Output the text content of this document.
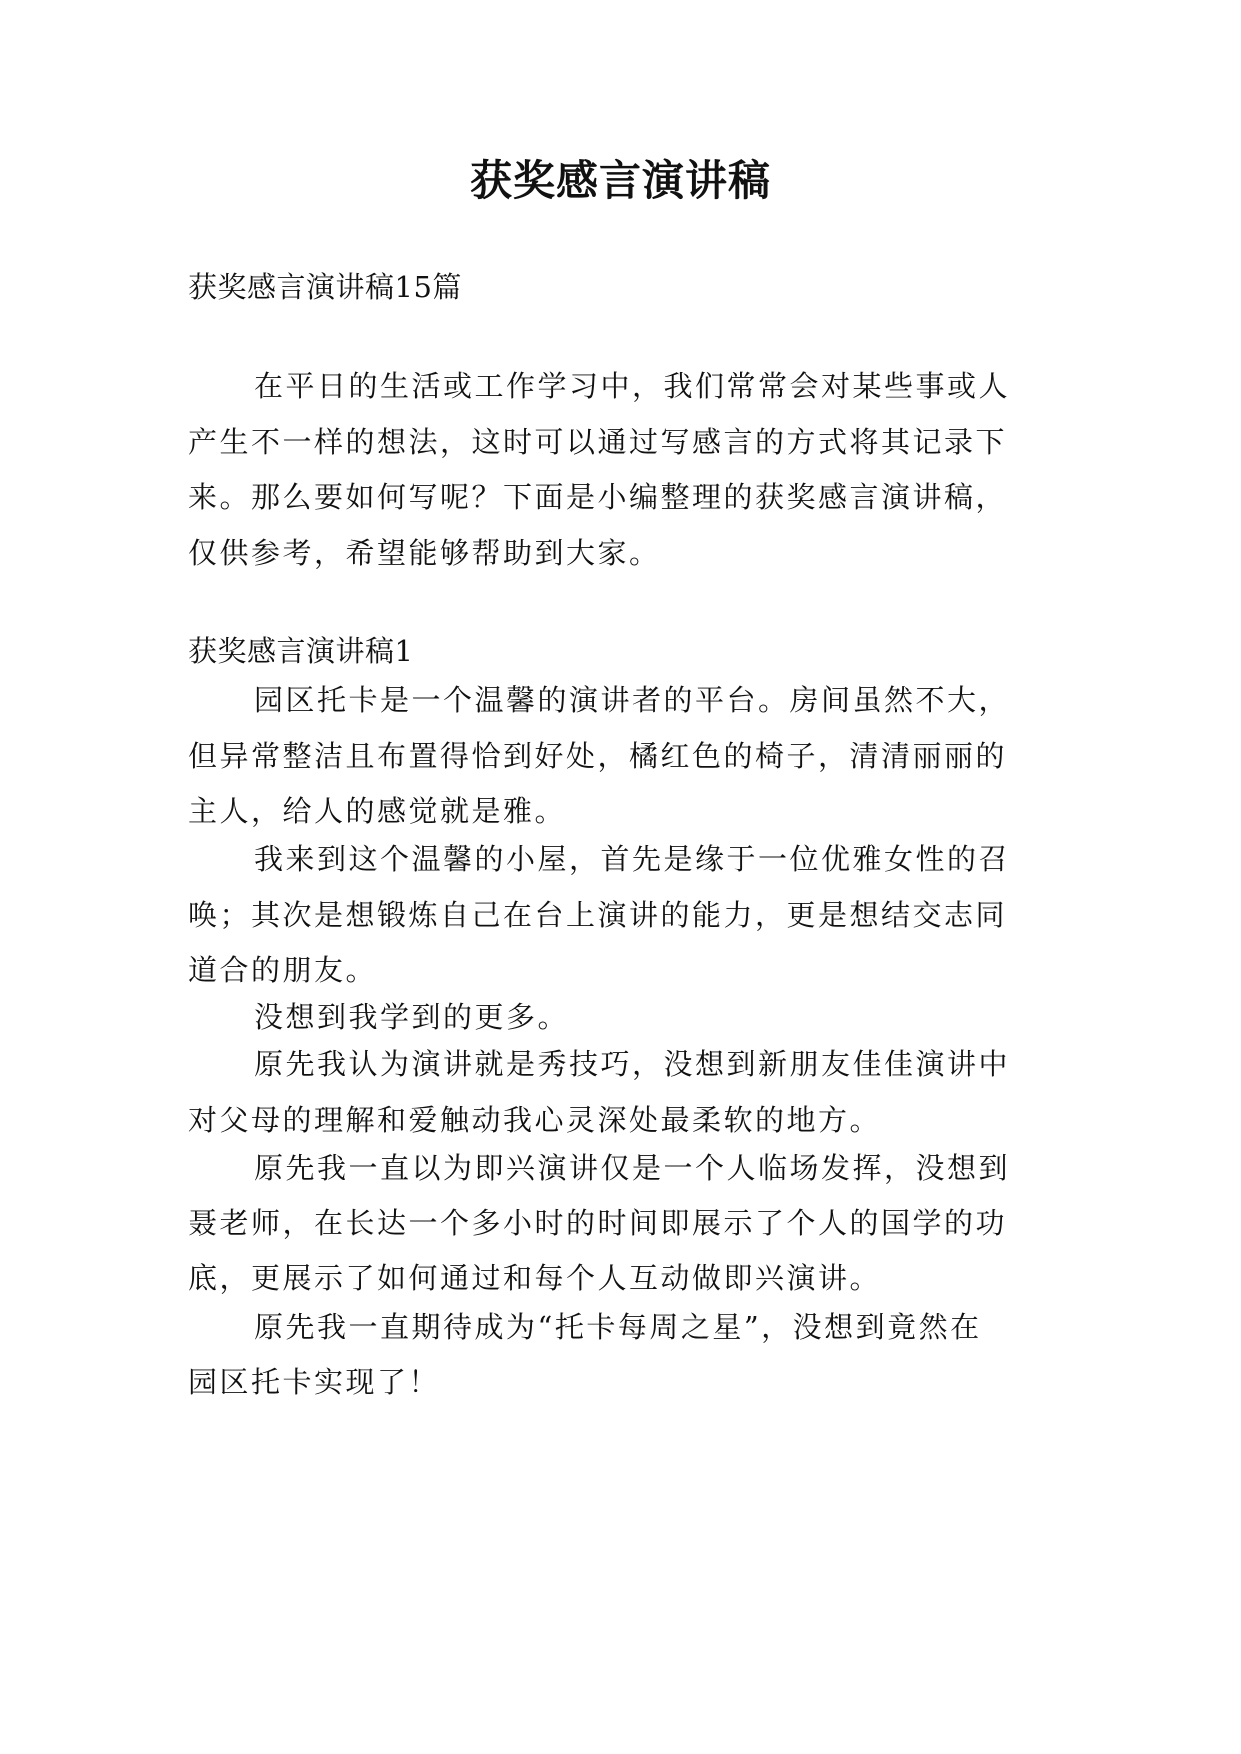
获奖感言演讲稿
获奖感言演讲稿15篇
在平日的生活或工作学习中，我们常常会对某些事或人
产生不一样的想法，这时可以通过写感言的方式将其记录下
来。那么要如何写呢？下面是小编整理的获奖感言演讲稿，
仅供参考，希望能够帮助到大家。
获奖感言演讲稿1
园区托卡是一个温馨的演讲者的平台。房间虽然不大，
但异常整洁且布置得恰到好处，橘红色的椅子，清清丽丽的
主人，给人的感觉就是雅。
我来到这个温馨的小屋，首先是缘于一位优雅女性的召
唤；其次是想锻炼自己在台上演讲的能力，更是想结交志同
道合的朋友。
没想到我学到的更多。
原先我认为演讲就是秀技巧，没想到新朋友佳佳演讲中
对父母的理解和爱触动我心灵深处最柔软的地方。
原先我一直以为即兴演讲仅是一个人临场发挥，没想到
聂老师，在长达一个多小时的时间即展示了个人的国学的功
底，更展示了如何通过和每个人互动做即兴演讲。
原先我一直期待成为“托卡每周之星”，没想到竟然在
园区托卡实现了！
